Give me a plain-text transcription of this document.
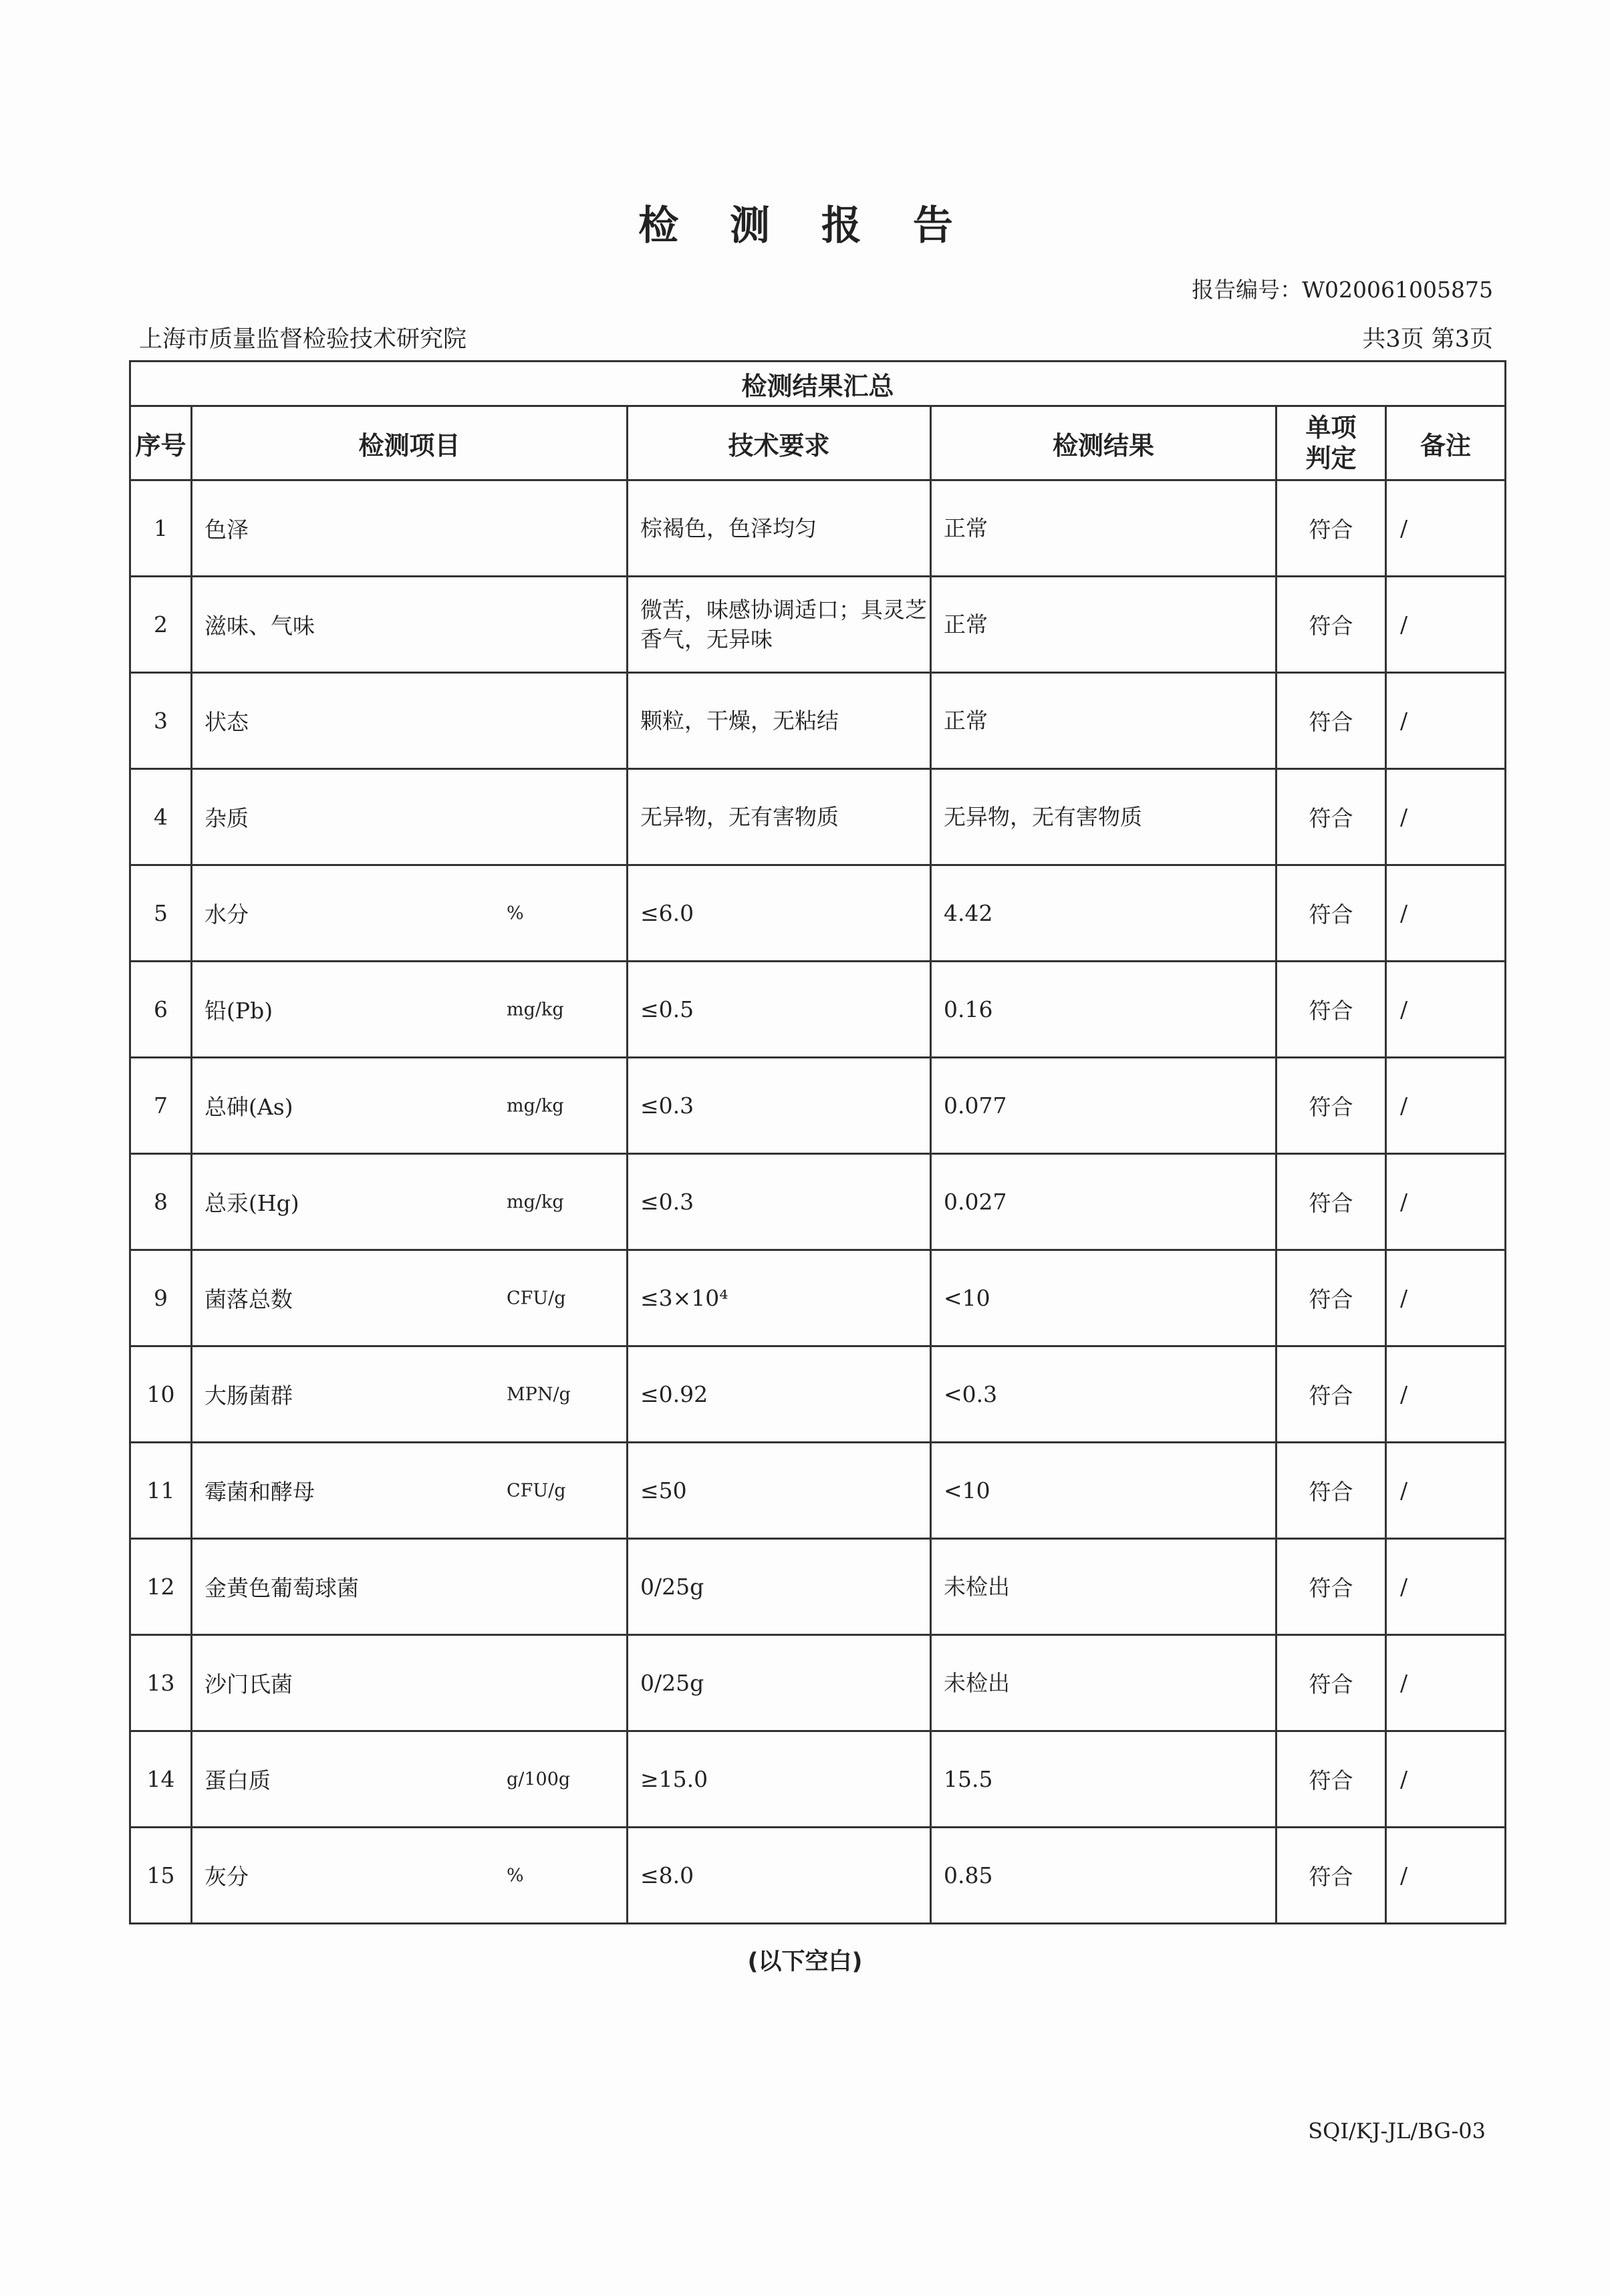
检 测 报 告
报告编号：W020061005875
上海市质量监督检验技术研究院	共3页 第3页
检测结果汇总					
序号	检测项目	技术要求	检测结果	单项判定	备注
1	色泽	棕褐色，色泽均匀	正常	符合	/
2	滋味、气味	微苦，味感协调适口；具灵芝香气，无异味	正常	符合	/
3	状态	颗粒，干燥，无粘结	正常	符合	/
4	杂质	无异物，无有害物质	无异物，无有害物质	符合	/
5	水分 %	≤6.0	4.42	符合	/
6	铅(Pb) mg/kg	≤0.5	0.16	符合	/
7	总砷(As) mg/kg	≤0.3	0.077	符合	/
8	总汞(Hg) mg/kg	≤0.3	0.027	符合	/
9	菌落总数 CFU/g	≤3×10⁴	<10	符合	/
10	大肠菌群 MPN/g	≤0.92	<0.3	符合	/
11	霉菌和酵母 CFU/g	≤50	<10	符合	/
12	金黄色葡萄球菌	0/25g	未检出	符合	/
13	沙门氏菌	0/25g	未检出	符合	/
14	蛋白质 g/100g	≥15.0	15.5	符合	/
15	灰分 %	≤8.0	0.85	符合	/
(以下空白)
SQI/KJ-JL/BG-03
